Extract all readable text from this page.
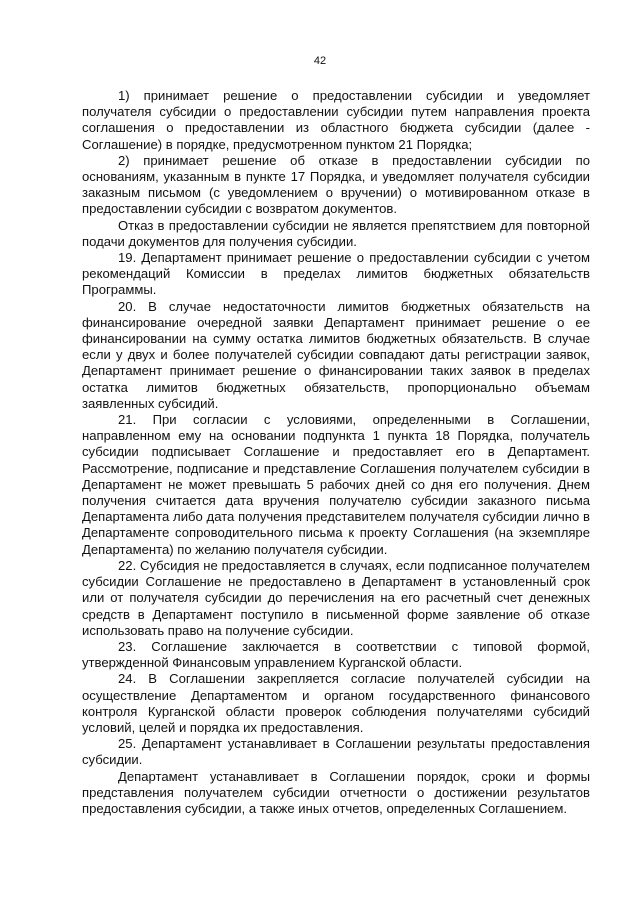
42

1) принимает решение о предоставлении субсидии и уведомляет получателя субсидии о предоставлении субсидии путем направления проекта соглашения о предоставлении из областного бюджета субсидии (далее - Соглашение) в порядке, предусмотренном пунктом 21 Порядка;

2) принимает решение об отказе в предоставлении субсидии по основаниям, указанным в пункте 17 Порядка, и уведомляет получателя субсидии заказным письмом (с уведомлением о вручении) о мотивированном отказе в предоставлении субсидии с возвратом документов.

Отказ в предоставлении субсидии не является препятствием для повторной подачи документов для получения субсидии.

19. Департамент принимает решение о предоставлении субсидии с учетом рекомендаций Комиссии в пределах лимитов бюджетных обязательств Программы.

20. В случае недостаточности лимитов бюджетных обязательств на финансирование очередной заявки Департамент принимает решение о ее финансировании на сумму остатка лимитов бюджетных обязательств. В случае если у двух и более получателей субсидии совпадают даты регистрации заявок, Департамент принимает решение о финансировании таких заявок в пределах остатка лимитов бюджетных обязательств, пропорционально объемам заявленных субсидий.

21. При согласии с условиями, определенными в Соглашении, направленном ему на основании подпункта 1 пункта 18 Порядка, получатель субсидии подписывает Соглашение и предоставляет его в Департамент. Рассмотрение, подписание и представление Соглашения получателем субсидии в Департамент не может превышать 5 рабочих дней со дня его получения. Днем получения считается дата вручения получателю субсидии заказного письма Департамента либо дата получения представителем получателя субсидии лично в Департаменте сопроводительного письма к проекту Соглашения (на экземпляре Департамента) по желанию получателя субсидии.

22. Субсидия не предоставляется в случаях, если подписанное получателем субсидии Соглашение не предоставлено в Департамент в установленный срок или от получателя субсидии до перечисления на его расчетный счет денежных средств в Департамент поступило в письменной форме заявление об отказе использовать право на получение субсидии.

23. Соглашение заключается в соответствии с типовой формой, утвержденной Финансовым управлением Курганской области.

24. В Соглашении закрепляется согласие получателей субсидии на осуществление Департаментом и органом государственного финансового контроля Курганской области проверок соблюдения получателями субсидий условий, целей и порядка их предоставления.

25. Департамент устанавливает в Соглашении результаты предоставления субсидии.

Департамент устанавливает в Соглашении порядок, сроки и формы представления получателем субсидии отчетности о достижении результатов предоставления субсидии, а также иных отчетов, определенных Соглашением.
